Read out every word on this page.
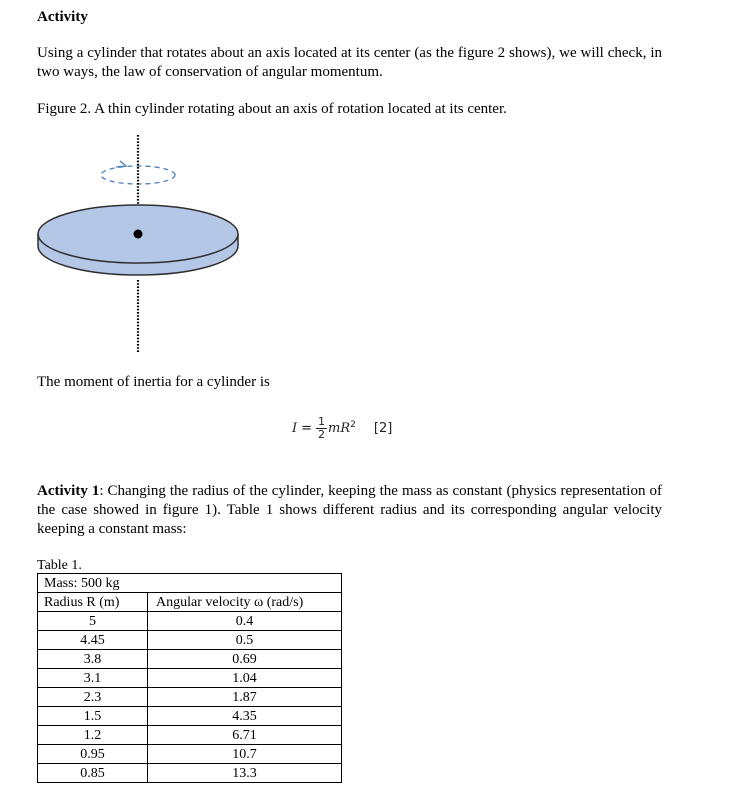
Activity
Using a cylinder that rotates about an axis located at its center (as the figure 2 shows), we will check, in two ways, the law of conservation of angular momentum.
Figure 2. A thin cylinder rotating about an axis of rotation located at its center.
The moment of inertia for a cylinder is
$I = \frac{1}{2} mR^2$ [2]
Activity 1: Changing the radius of the cylinder, keeping the mass as constant (physics representation of the case showed in figure 1). Table 1 shows different radius and its corresponding angular velocity keeping a constant mass:
Table 1.
Mass: 500 kg	
Radius R (m)	Angular velocity ω (rad/s)
5	0.4
4.45	0.5
3.8	0.69
3.1	1.04
2.3	1.87
1.5	4.35
1.2	6.71
0.95	10.7
0.85	13.3
